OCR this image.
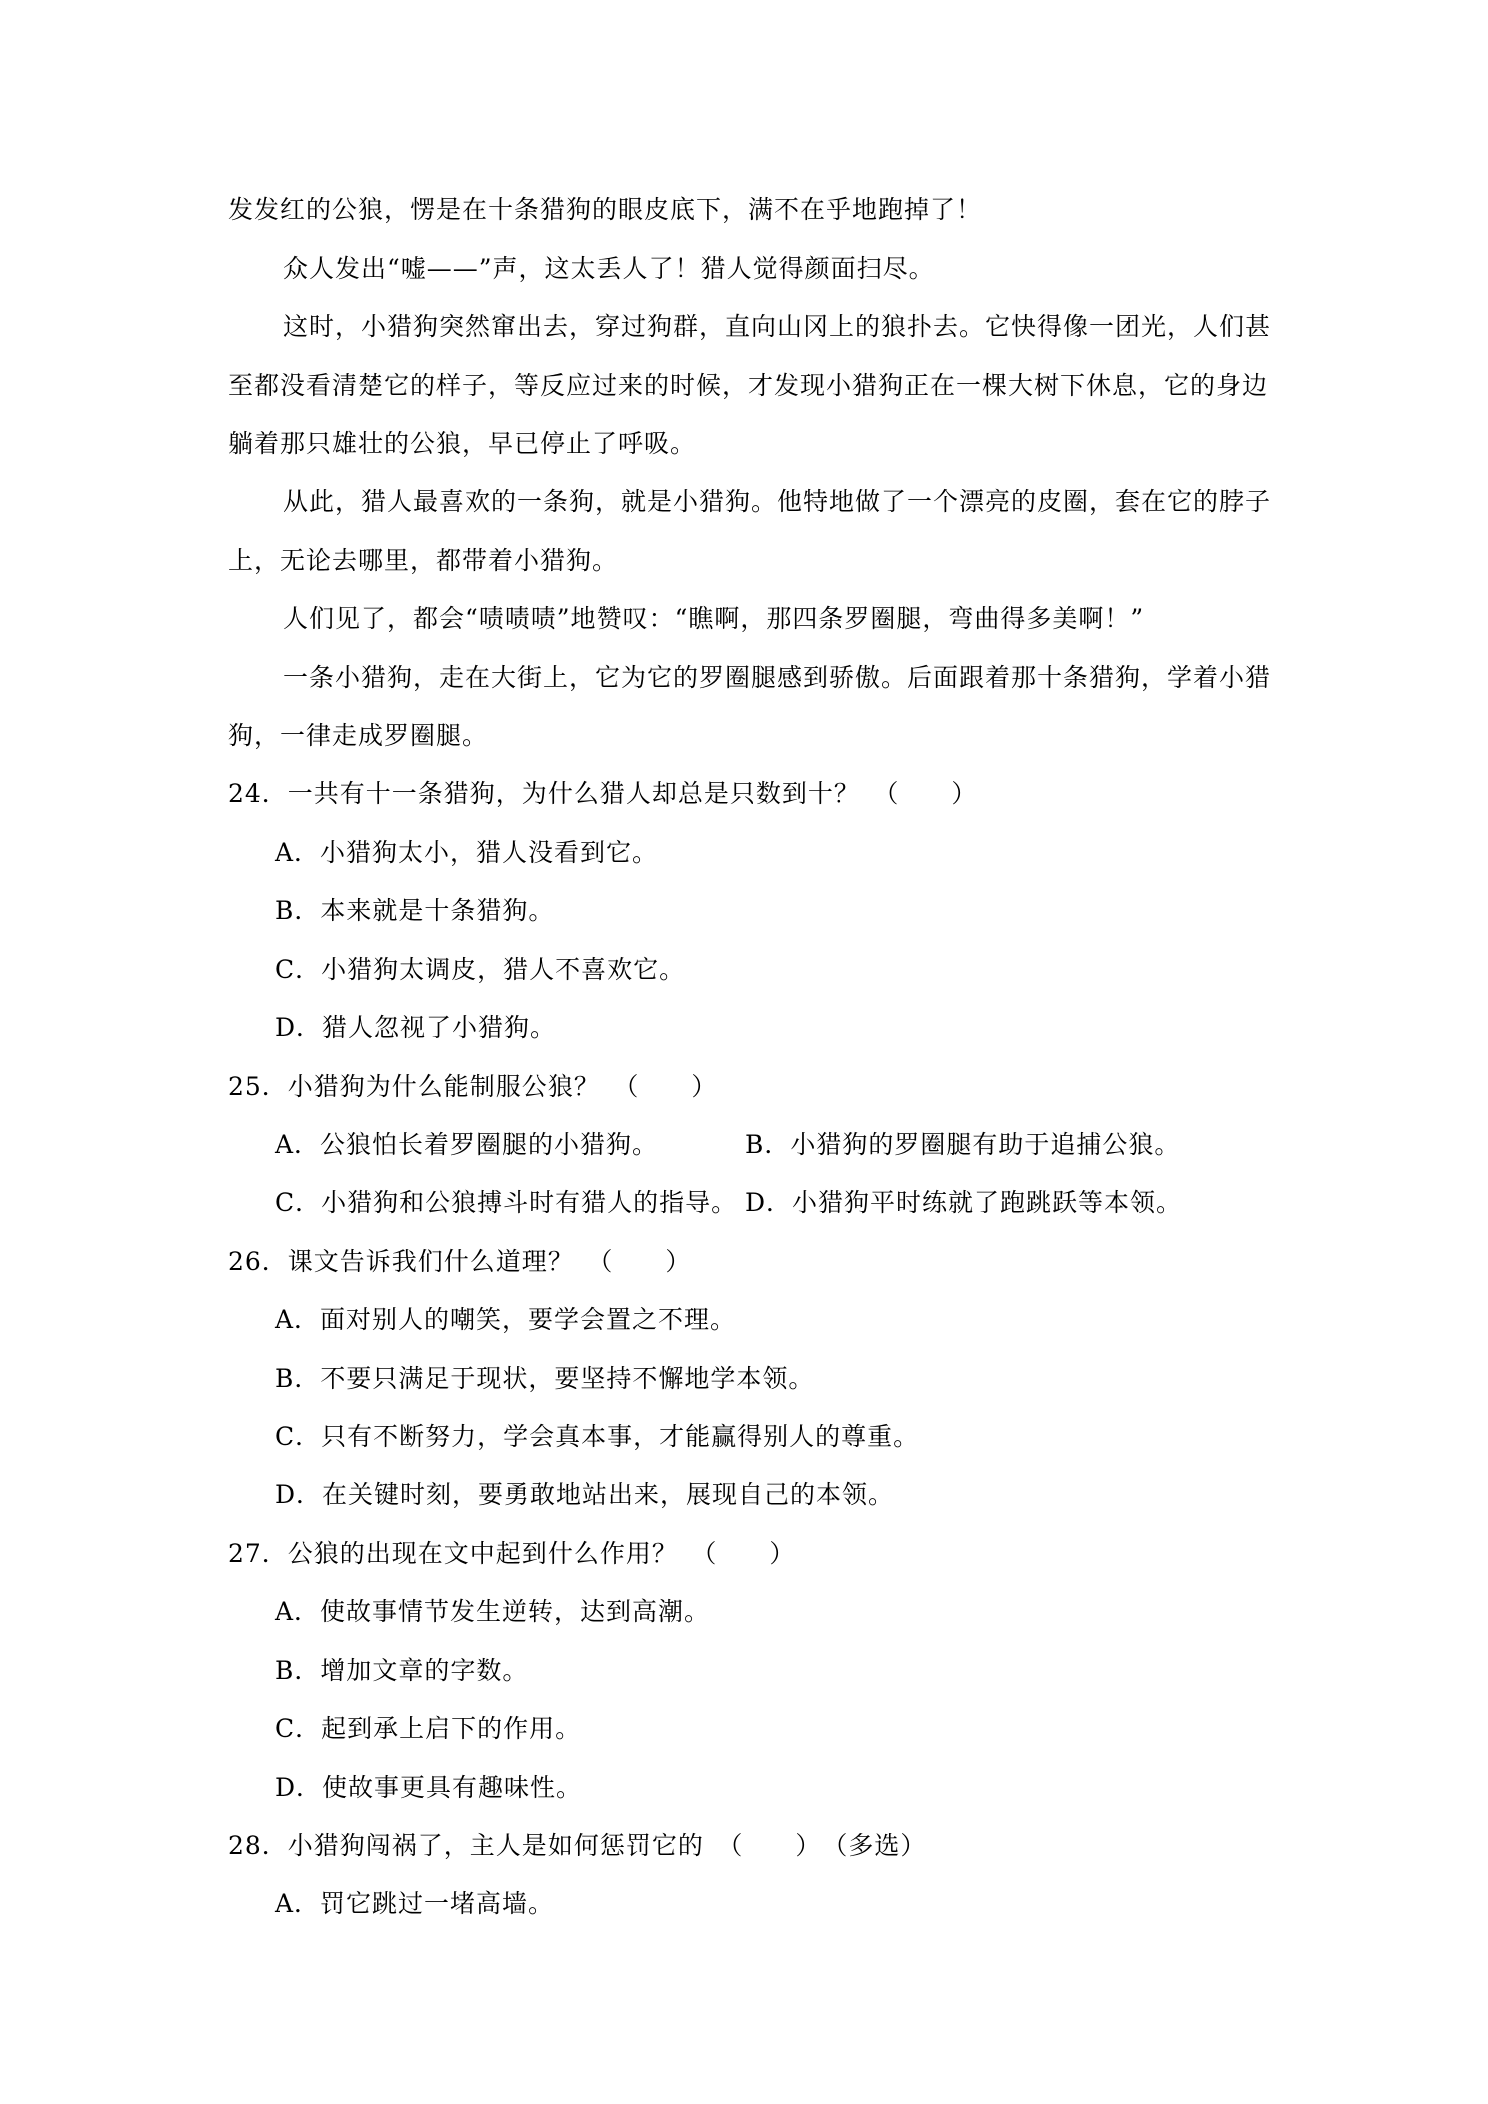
发发红的公狼，愣是在十条猎狗的眼皮底下，满不在乎地跑掉了！
众人发出“嘘——”声，这太丢人了！猎人觉得颜面扫尽。
这时，小猎狗突然窜出去，穿过狗群，直向山冈上的狼扑去。它快得像一团光，人们甚
至都没看清楚它的样子，等反应过来的时候，才发现小猎狗正在一棵大树下休息，它的身边
躺着那只雄壮的公狼，早已停止了呼吸。
从此，猎人最喜欢的一条狗，就是小猎狗。他特地做了一个漂亮的皮圈，套在它的脖子
上，无论去哪里，都带着小猎狗。
人们见了，都会“啧啧啧”地赞叹：“瞧啊，那四条罗圈腿，弯曲得多美啊！”
一条小猎狗，走在大街上，它为它的罗圈腿感到骄傲。后面跟着那十条猎狗，学着小猎
狗，一律走成罗圈腿。
24．一共有十一条猎狗，为什么猎人却总是只数到十？　（　　）
A．小猎狗太小，猎人没看到它。
B．本来就是十条猎狗。
C．小猎狗太调皮，猎人不喜欢它。
D．猎人忽视了小猎狗。
25．小猎狗为什么能制服公狼？　（　　）
A．公狼怕长着罗圈腿的小猎狗。	B．小猎狗的罗圈腿有助于追捕公狼。
C．小猎狗和公狼搏斗时有猎人的指导。 D．小猎狗平时练就了跑跳跃等本领。
26．课文告诉我们什么道理？　（　　）
A．面对别人的嘲笑，要学会置之不理。
B．不要只满足于现状，要坚持不懈地学本领。
C．只有不断努力，学会真本事，才能赢得别人的尊重。
D．在关键时刻，要勇敢地站出来，展现自己的本领。
27．公狼的出现在文中起到什么作用？　（　　）
A．使故事情节发生逆转，达到高潮。
B．增加文章的字数。
C．起到承上启下的作用。
D．使故事更具有趣味性。
28．小猎狗闯祸了，主人是如何惩罚它的　（　　）　（多选）
A．罚它跳过一堵高墙。
